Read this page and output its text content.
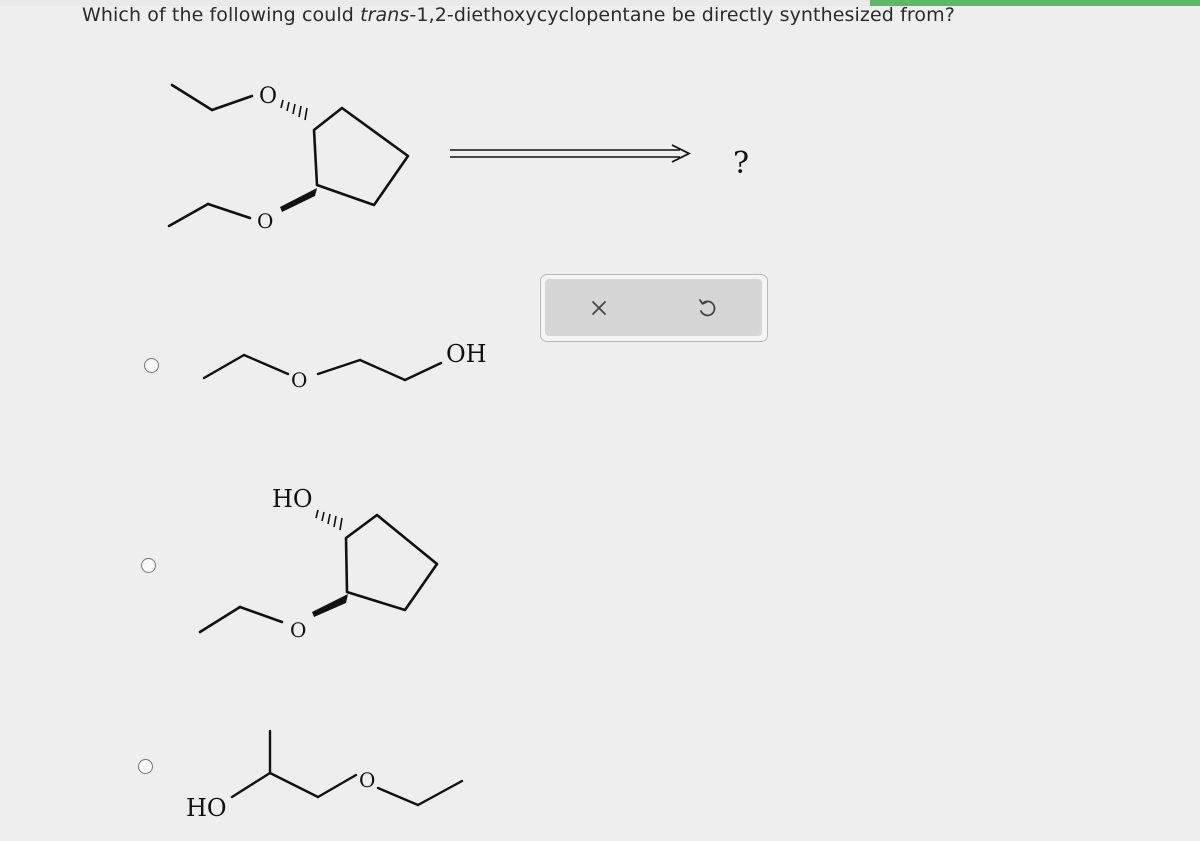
Which of the following could trans-1,2-diethoxycyclopentane be directly synthesized from?
O
O
?
O
OH
HO
O
HO
O
